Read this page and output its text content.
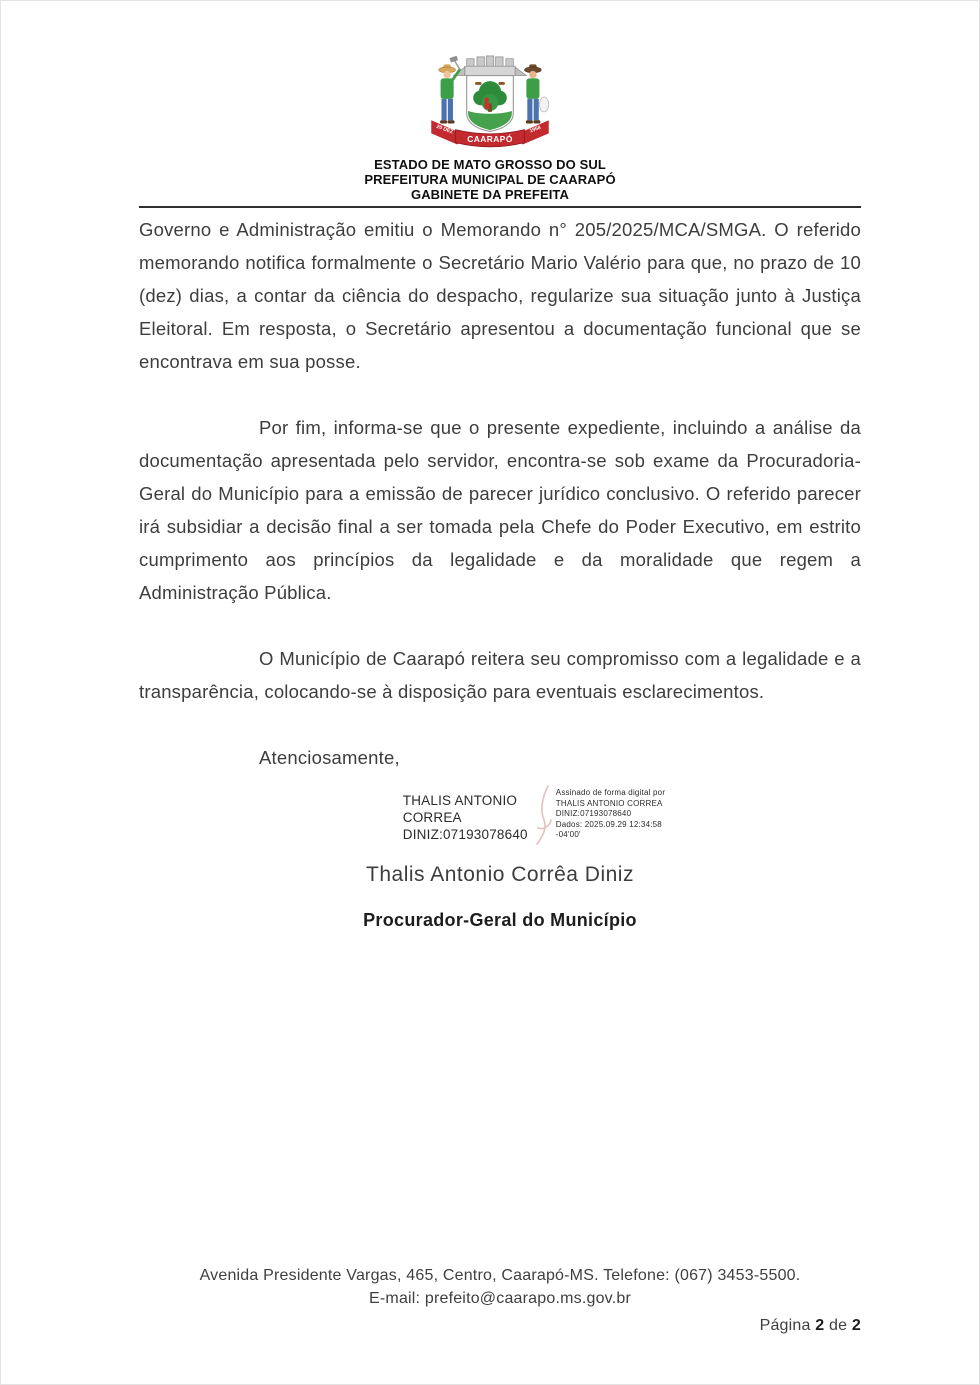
20 DEZ
CAARAPÓ
1958
ESTADO DE MATO GROSSO DO SUL
PREFEITURA MUNICIPAL DE CAARAPÓ
GABINETE DA PREFEITA

Governo e Administração emitiu o Memorando n° 205/2025/MCA/SMGA. O referido memorando notifica formalmente o Secretário Mario Valério para que, no prazo de 10 (dez) dias, a contar da ciência do despacho, regularize sua situação junto à Justiça Eleitoral. Em resposta, o Secretário apresentou a documentação funcional que se encontrava em sua posse.

Por fim, informa-se que o presente expediente, incluindo a análise da documentação apresentada pelo servidor, encontra-se sob exame da Procuradoria-Geral do Município para a emissão de parecer jurídico conclusivo. O referido parecer irá subsidiar a decisão final a ser tomada pela Chefe do Poder Executivo, em estrito cumprimento aos princípios da legalidade e da moralidade que regem a Administração Pública.

O Município de Caarapó reitera seu compromisso com a legalidade e a transparência, colocando-se à disposição para eventuais esclarecimentos.

Atenciosamente,

THALIS ANTONIO
CORREA
DINIZ:07193078640
Assinado de forma digital por
THALIS ANTONIO CORREA
DINIZ:07193078640
Dados: 2025.09.29 12:34:58
-04'00'
Thalis Antonio Corrêa Diniz
Procurador-Geral do Município
Avenida Presidente Vargas, 465, Centro, Caarapó-MS. Telefone: (067) 3453-5500.
E-mail: prefeito@caarapo.ms.gov.br
Página 2 de 2
